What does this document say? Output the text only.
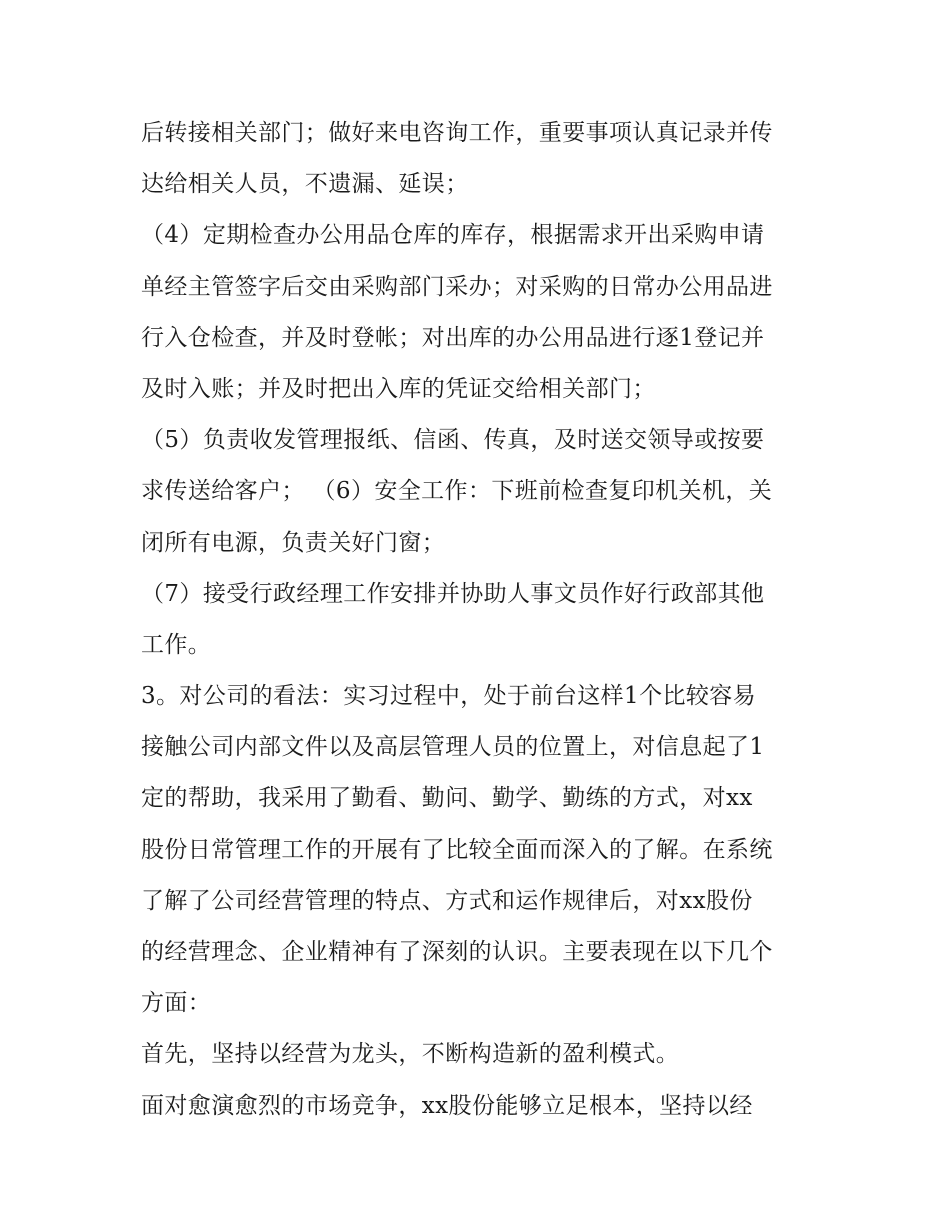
后转接相关部门；做好来电咨询工作，重要事项认真记录并传
达给相关人员，不遗漏、延误；
（4）定期检查办公用品仓库的库存，根据需求开出采购申请
单经主管签字后交由采购部门采办；对采购的日常办公用品进
行入仓检查，并及时登帐；对出库的办公用品进行逐1登记并
及时入账；并及时把出入库的凭证交给相关部门；
（5）负责收发管理报纸、信函、传真，及时送交领导或按要
求传送给客户； （6）安全工作：下班前检查复印机关机，关
闭所有电源，负责关好门窗；
（7）接受行政经理工作安排并协助人事文员作好行政部其他
工作。
3。对公司的看法：实习过程中，处于前台这样1个比较容易
接触公司内部文件以及高层管理人员的位置上，对信息起了1
定的帮助，我采用了勤看、勤问、勤学、勤练的方式，对xx
股份日常管理工作的开展有了比较全面而深入的了解。在系统
了解了公司经营管理的特点、方式和运作规律后，对xx股份
的经营理念、企业精神有了深刻的认识。主要表现在以下几个
方面：
首先，坚持以经营为龙头，不断构造新的盈利模式。
面对愈演愈烈的市场竞争，xx股份能够立足根本，坚持以经
